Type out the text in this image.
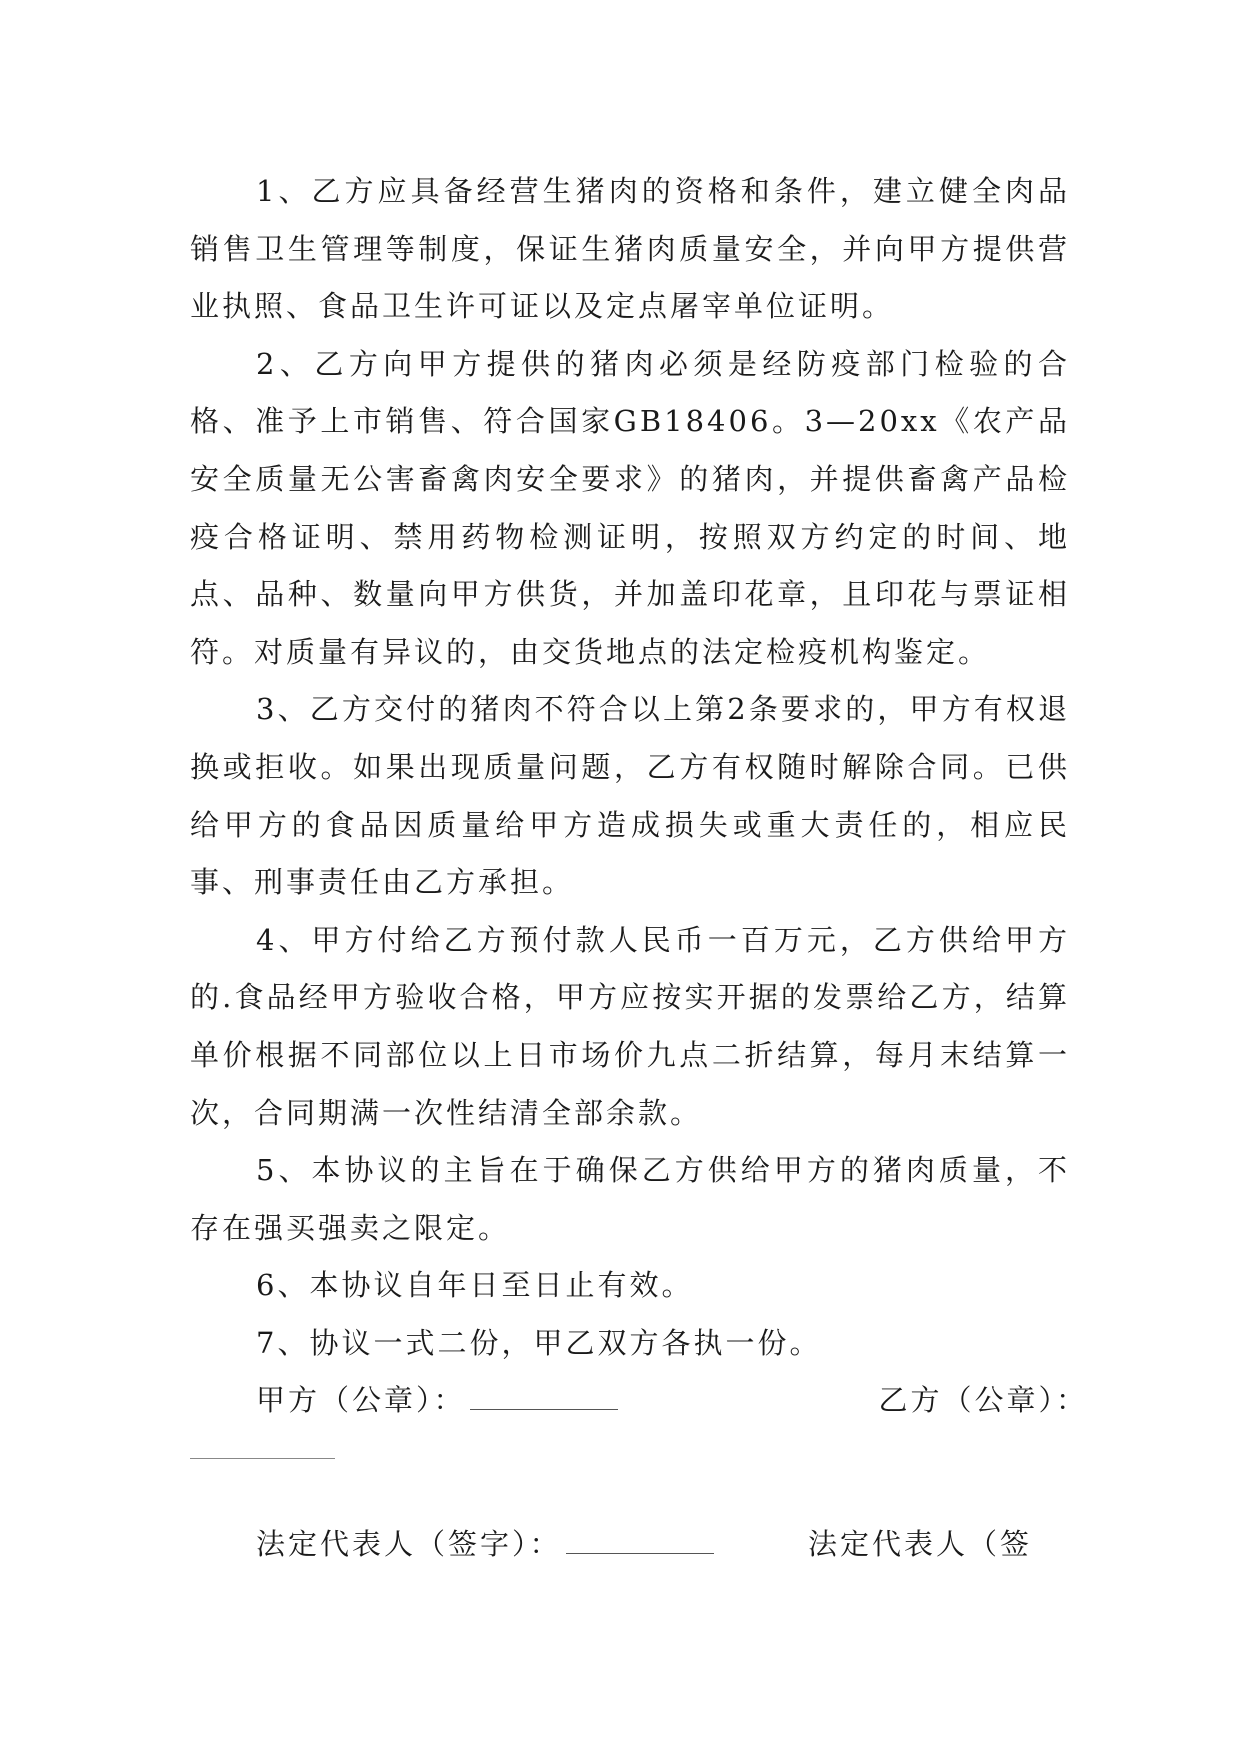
1、乙方应具备经营生猪肉的资格和条件，建立健全肉品销售卫生管理等制度，保证生猪肉质量安全，并向甲方提供营业执照、食品卫生许可证以及定点屠宰单位证明。

2、乙方向甲方提供的猪肉必须是经防疫部门检验的合格、准予上市销售、符合国家GB18406。3—20xx《农产品安全质量无公害畜禽肉安全要求》的猪肉，并提供畜禽产品检疫合格证明、禁用药物检测证明，按照双方约定的时间、地点、品种、数量向甲方供货，并加盖印花章，且印花与票证相符。对质量有异议的，由交货地点的法定检疫机构鉴定。

3、乙方交付的猪肉不符合以上第2条要求的，甲方有权退换或拒收。如果出现质量问题，乙方有权随时解除合同。已供给甲方的食品因质量给甲方造成损失或重大责任的，相应民事、刑事责任由乙方承担。

4、甲方付给乙方预付款人民币一百万元，乙方供给甲方的.食品经甲方验收合格，甲方应按实开据的发票给乙方，结算单价根据不同部位以上日市场价九点二折结算，每月末结算一次，合同期满一次性结清全部余款。

5、本协议的主旨在于确保乙方供给甲方的猪肉质量，不存在强买强卖之限定。

6、本协议自年日至日止有效。

7、协议一式二份，甲乙双方各执一份。

甲方（公章）：	乙方（公章）：
法定代表人（签字）：	法定代表人（签
